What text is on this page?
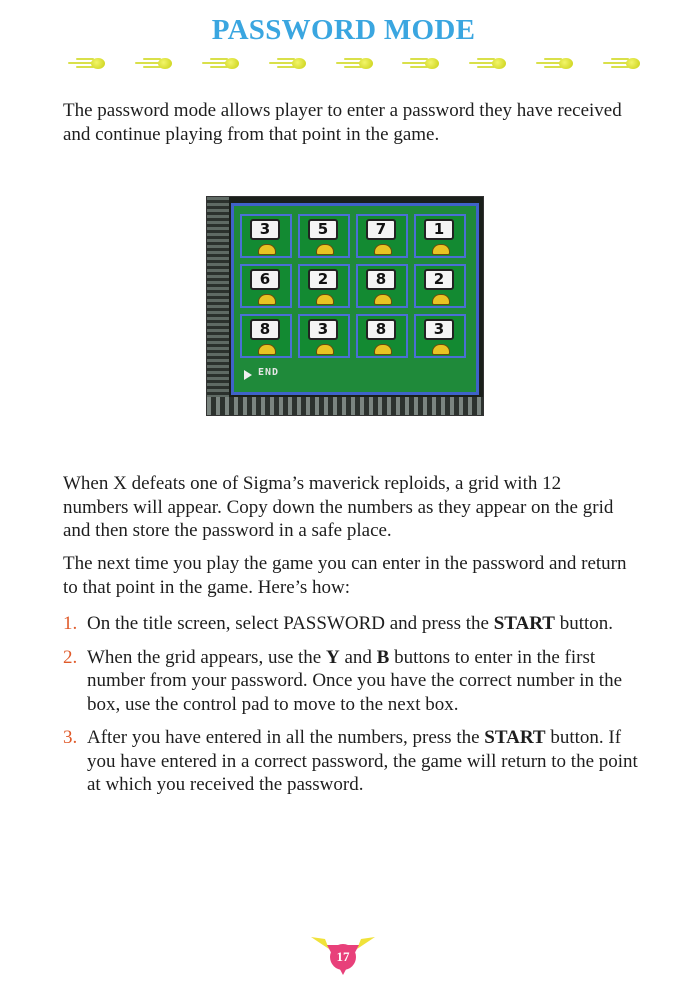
PASSWORD MODE

The password mode allows player to enter a password they have received and continue playing from that point in the game.

3	5	7	1
6	2	8	2
8	3	8	3
END

When X defeats one of Sigma’s maverick reploids, a grid with 12 numbers will appear. Copy down the numbers as they appear on the grid and then store the password in a safe place.

The next time you play the game you can enter in the password and return to that point in the game. Here’s how:

1. On the title screen, select PASSWORD and press the START button.
2. When the grid appears, use the Y and B buttons to enter in the first number from your password. Once you have the correct number in the box, use the control pad to move to the next box.
3. After you have entered in all the numbers, press the START button. If you have entered in a correct password, the game will return to the point at which you received the password.
17
